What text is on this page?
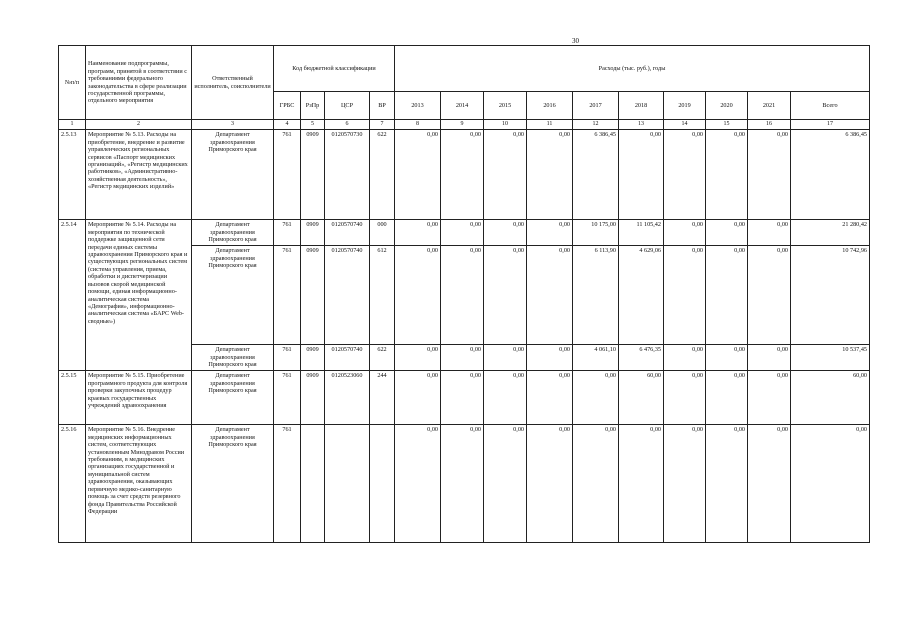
30
№п/п	Наименование подпрограммы, программ, принятой в соответствии с требованиями федерального законодательства в сфере реализации государственной программы, отдельного мероприятия	Ответственный исполнитель, соисполнители	Код бюджетной классификации				Расходы (тыс. руб.), годы									
			ГРБС	РзПр	ЦСР	ВР	2013	2014	2015	2016	2017	2018	2019	2020	2021	Всего
1	2	3	4	5	6	7	8	9	10	11	12	13	14	15	16	17
2.5.13	Мероприятие № 5.13. Расходы на приобретение, внедрение и развитие управленческих региональных сервисов «Паспорт медицинских организаций», «Регистр медицинских работников», «Административно-хозяйственная деятельность», «Регистр медицинских изделий»	Департамент здравоохранения Приморского края	761	0909	0120570730	622	0,00	0,00	0,00	0,00	6 386,45	0,00	0,00	0,00	0,00	6 386,45
2.5.14	Мероприятие № 5.14. Расходы на мероприятия по технической поддержке защищенной сети передачи единых системы здравоохранения Приморского края и существующих региональных систем (система управления, приема, обработки и диспетчеризации вызовов скорой медицинской помощи, единая информационно-аналитическая система «Демография», информационно-аналитическая система «БАРС Web-сводные»)	Департамент здравоохранения Приморского края	761	0909	0120570740	000	0,00	0,00	0,00	0,00	10 175,00	11 105,42	0,00	0,00	0,00	21 280,42
		Департамент здравоохранения Приморского края	761	0909	0120570740	612	0,00	0,00	0,00	0,00	6 113,90	4 629,06	0,00	0,00	0,00	10 742,96
		Департамент здравоохранения Приморского края	761	0909	0120570740	622	0,00	0,00	0,00	0,00	4 061,10	6 476,35	0,00	0,00	0,00	10 537,45
2.5.15	Мероприятие № 5.15. Приобретение программного продукта для контроля проверки закупочных процедур краевых государственных учреждений здравоохранения	Департамент здравоохранения Приморского края	761	0909	0120523060	244	0,00	0,00	0,00	0,00	0,00	60,00	0,00	0,00	0,00	60,00
2.5.16	Мероприятие № 5.16. Внедрение медицинских информационных систем, соответствующих установленным Минздравом России требованиям, в медицинских организациях государственной и муниципальной систем здравоохранения, оказывающих первичную медико-санитарную помощь за счет средств резервного фонда Правительства Российской Федерации	Департамент здравоохранения Приморского края	761				0,00	0,00	0,00	0,00	0,00	0,00	0,00	0,00	0,00	0,00
